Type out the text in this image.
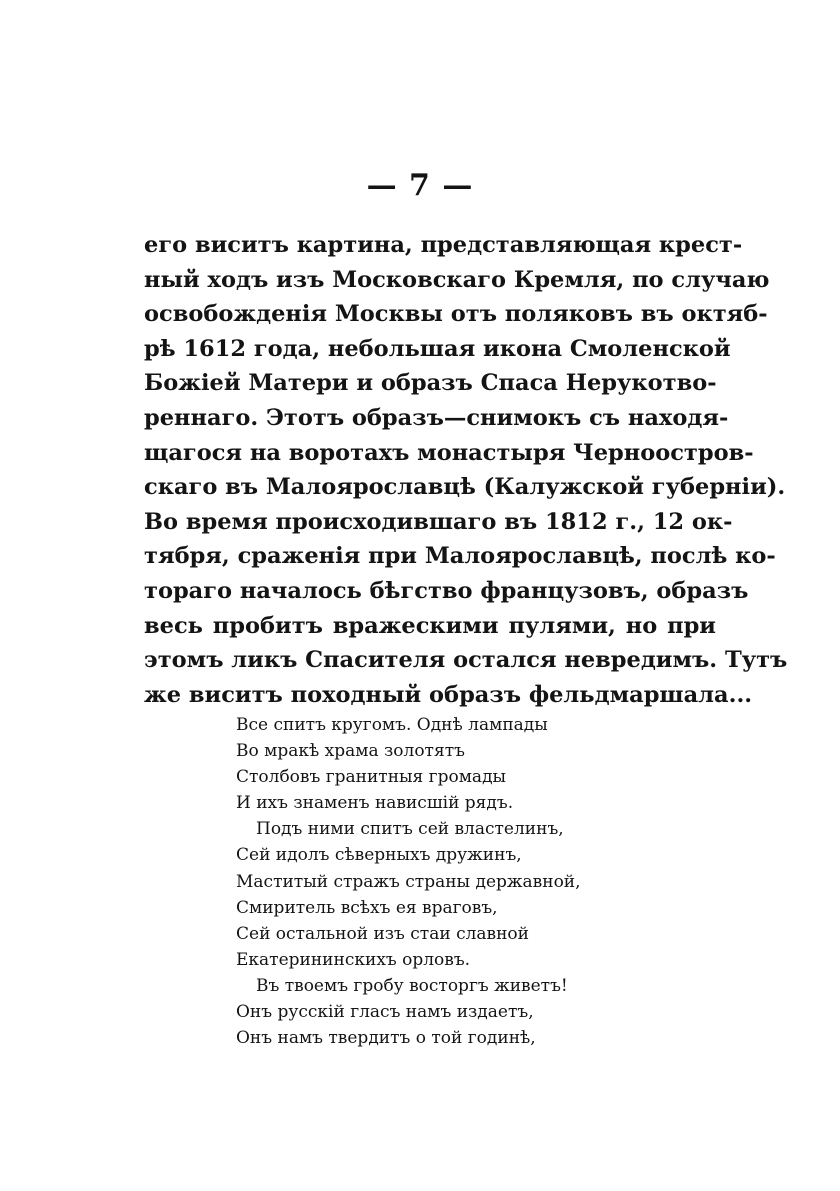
— 7 —
его виситъ картина, представляющая крест-
ный ходъ изъ Московскаго Кремля, по случаю
освобожденія Москвы отъ поляковъ въ октяб-
рѣ 1612 года, небольшая икона Смоленской
Божіей Матери и образъ Спаса Нерукотво-
реннаго. Этотъ образъ—снимокъ съ находя-
щагося на воротахъ монастыря Черноостров-
скаго въ Малоярославцѣ (Калужской губерніи).
Во время происходившаго въ 1812 г., 12 ок-
тября, сраженія при Малоярославцѣ, послѣ ко-
тораго началось бѣгство французовъ, образъ
весь пробитъ вражескими пулями, но при
этомъ ликъ Спасителя остался невредимъ. Тутъ
же виситъ походный образъ фельдмаршала...
Все спитъ кругомъ. Однѣ лампады
Во мракѣ храма золотятъ
Столбовъ гранитныя громады
И ихъ знаменъ нависшій рядъ.
Подъ ними спитъ сей властелинъ,
Сей идолъ сѣверныхъ дружинъ,
Маститый стражъ страны державной,
Смиритель всѣхъ ея враговъ,
Сей остальной изъ стаи славной
Екатерининскихъ орловъ.
Въ твоемъ гробу восторгъ живетъ!
Онъ русскій гласъ намъ издаетъ,
Онъ намъ твердитъ о той годинѣ,
